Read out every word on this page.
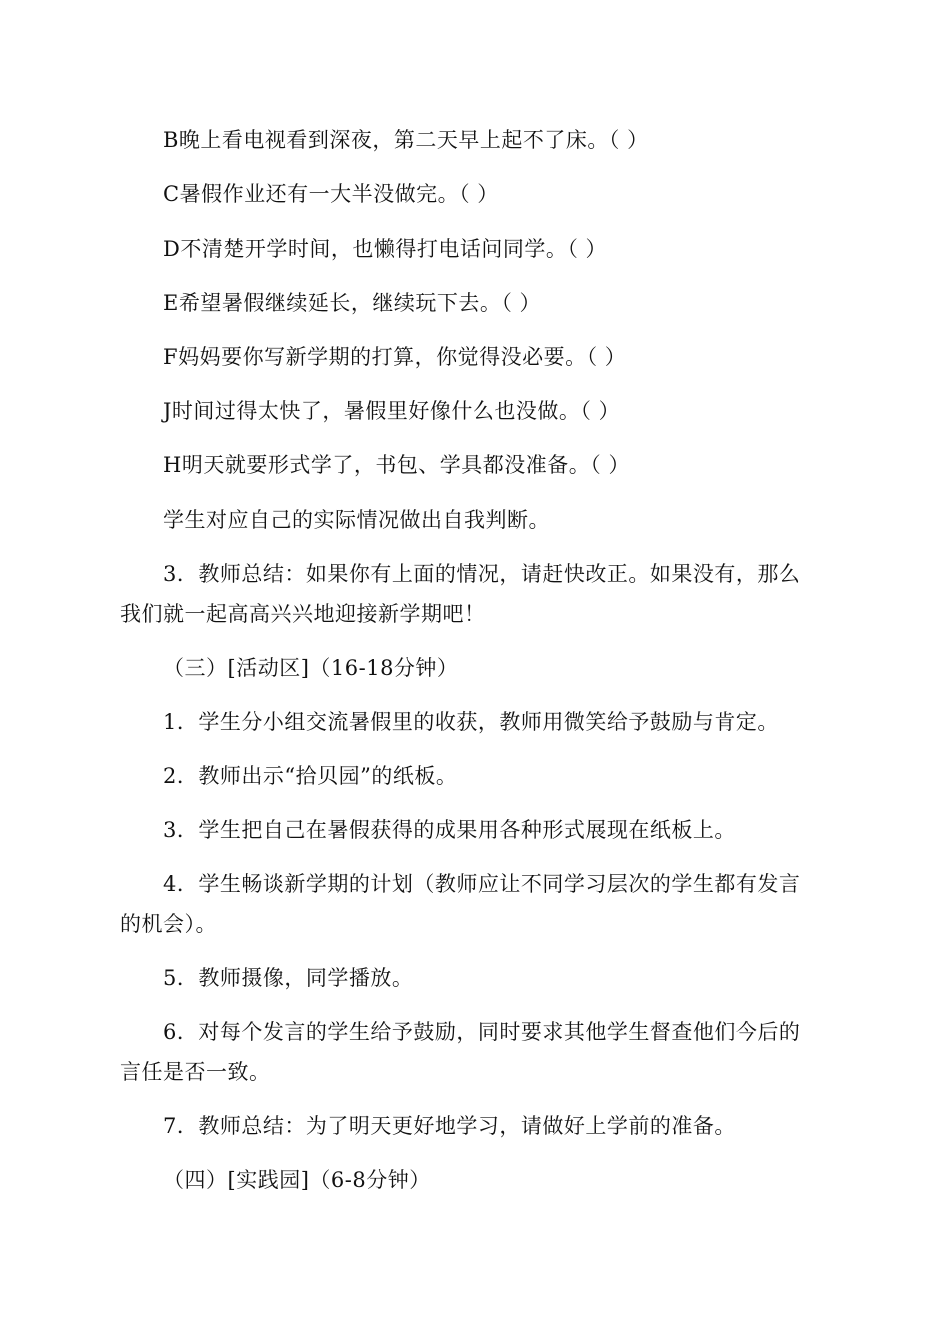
B晚上看电视看到深夜，第二天早上起不了床。（ ）
C暑假作业还有一大半没做完。（ ）
D不清楚开学时间，也懒得打电话问同学。（ ）
E希望暑假继续延长，继续玩下去。（ ）
F妈妈要你写新学期的打算，你觉得没必要。（ ）
J时间过得太快了，暑假里好像什么也没做。（ ）
H明天就要形式学了，书包、学具都没准备。（ ）
学生对应自己的实际情况做出自我判断。
3．教师总结：如果你有上面的情况，请赶快改正。如果没有，那么
我们就一起高高兴兴地迎接新学期吧！
（三）[活动区]（16-18分钟）
1．学生分小组交流暑假里的收获，教师用微笑给予鼓励与肯定。
2．教师出示“拾贝园”的纸板。
3．学生把自己在暑假获得的成果用各种形式展现在纸板上。
4．学生畅谈新学期的计划（教师应让不同学习层次的学生都有发言
的机会）。
5．教师摄像，同学播放。
6．对每个发言的学生给予鼓励，同时要求其他学生督查他们今后的
言任是否一致。
7．教师总结：为了明天更好地学习，请做好上学前的准备。
（四）[实践园]（6-8分钟）
